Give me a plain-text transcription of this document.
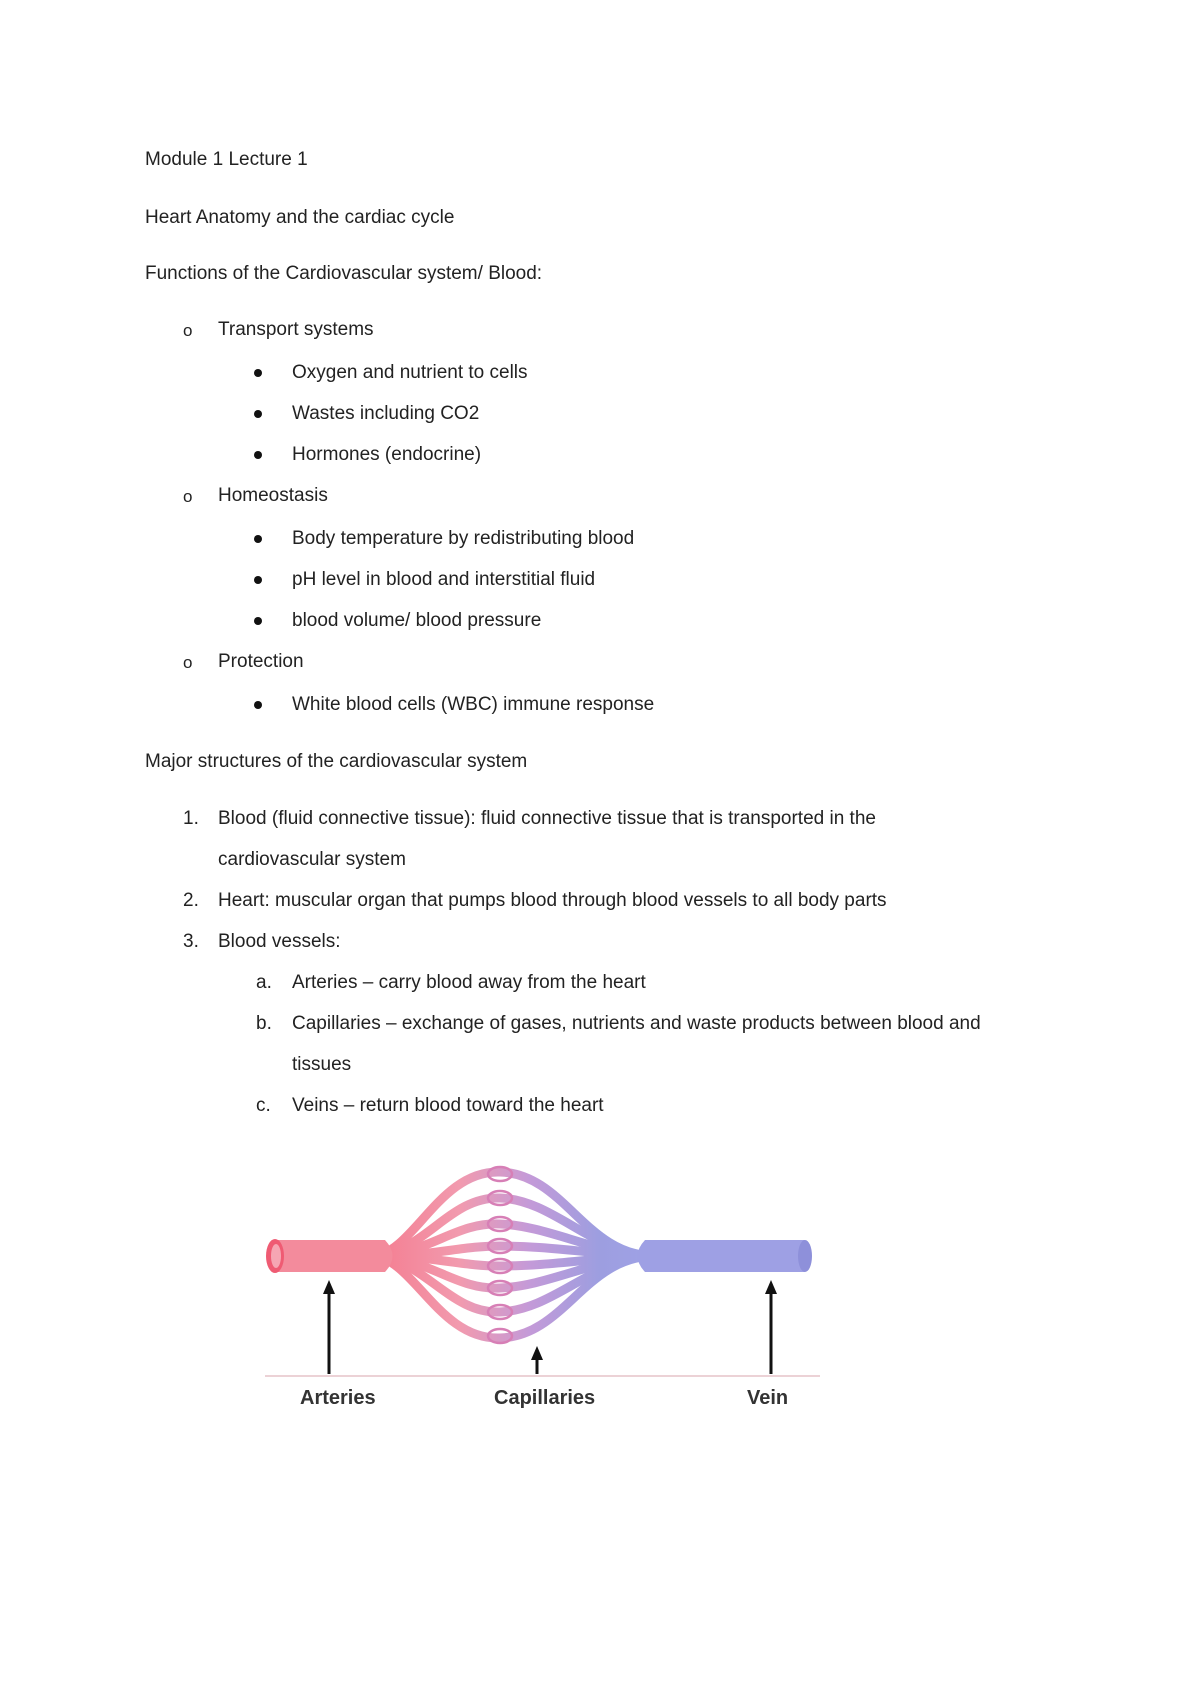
Module 1 Lecture 1
Heart Anatomy and the cardiac cycle
Functions of the Cardiovascular system/ Blood:
o Transport systems
Oxygen and nutrient to cells
Wastes including CO2
Hormones (endocrine)
o Homeostasis
Body temperature by redistributing blood
pH level in blood and interstitial fluid
blood volume/ blood pressure
o Protection
White blood cells (WBC) immune response
Major structures of the cardiovascular system
1. Blood (fluid connective tissue): fluid connective tissue that is transported in the
cardiovascular system
2. Heart: muscular organ that pumps blood through blood vessels to all body parts
3. Blood vessels:
a. Arteries – carry blood away from the heart
b. Capillaries – exchange of gases, nutrients and waste products between blood and
tissues
c. Veins – return blood toward the heart
Arteries	Capillaries	Vein
